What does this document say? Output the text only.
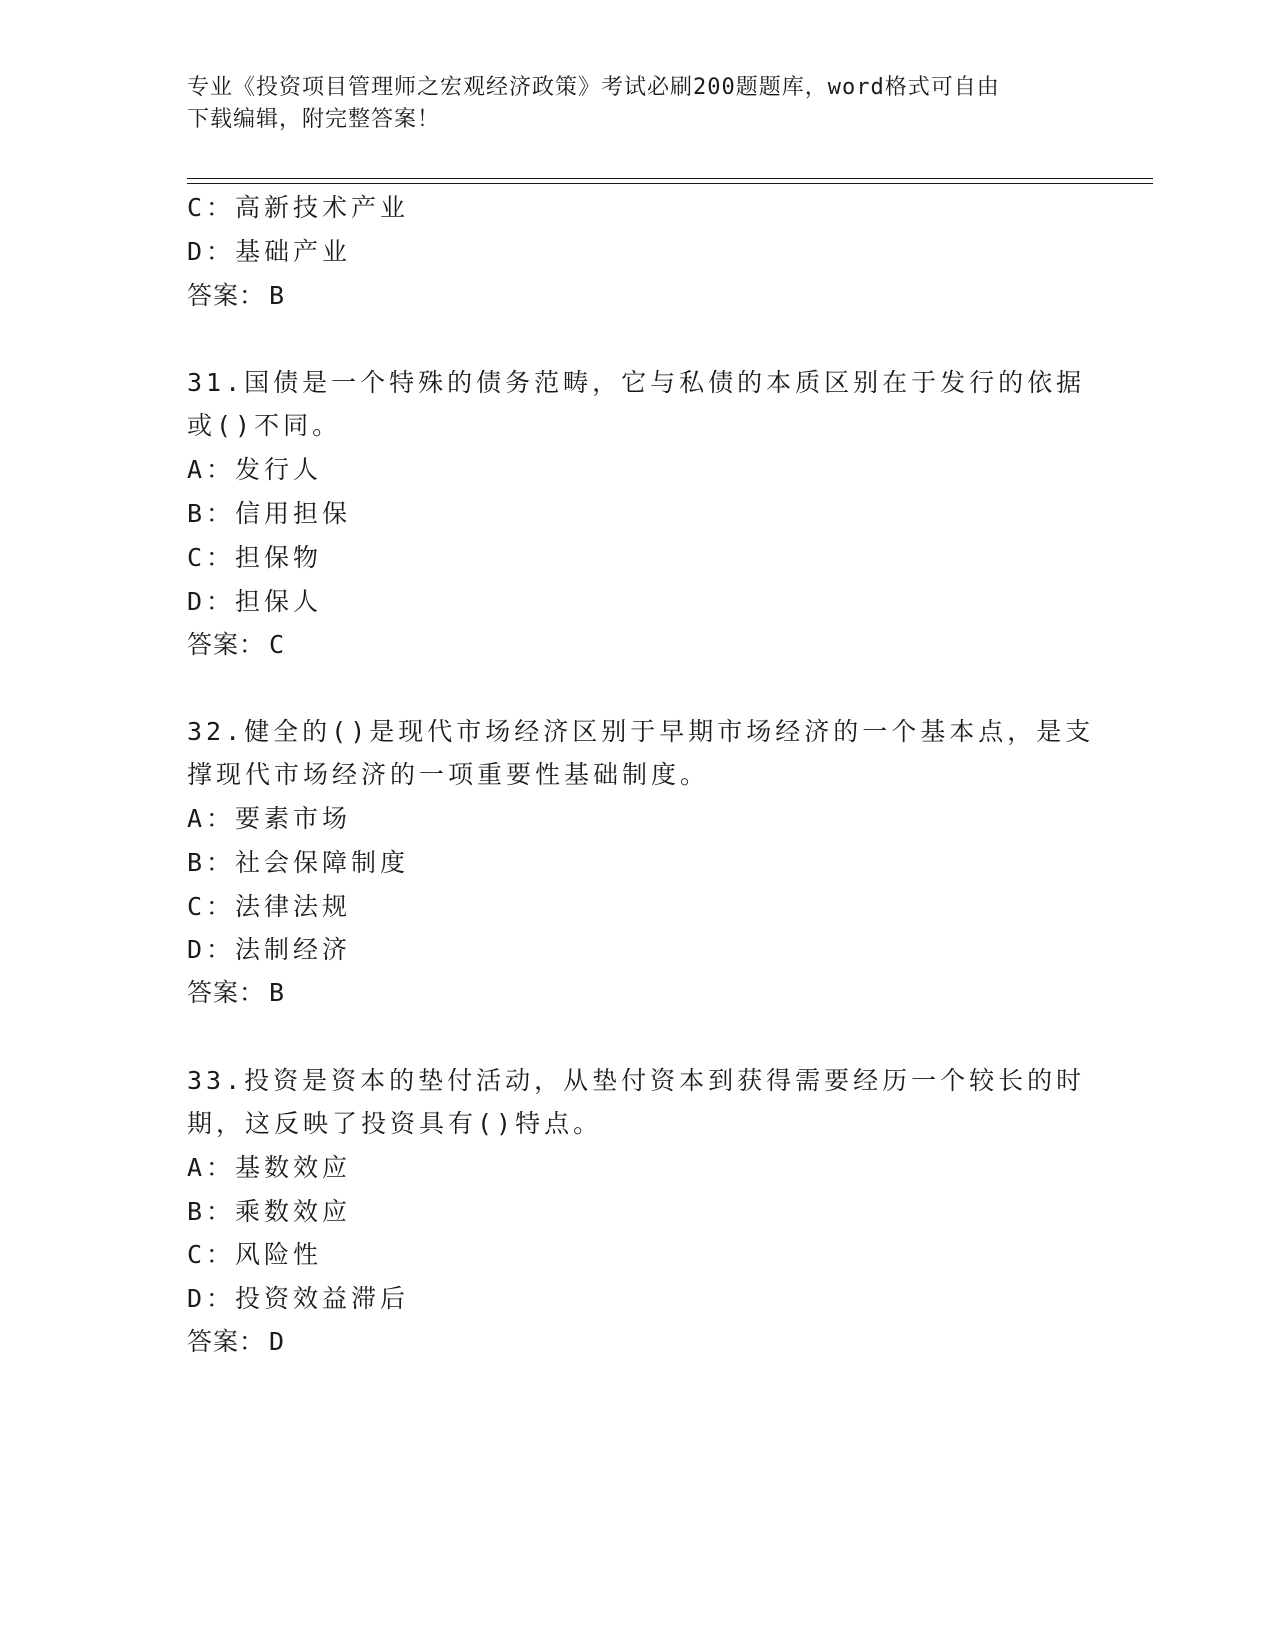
专业《投资项目管理师之宏观经济政策》考试必刷200题题库，word格式可自由
下载编辑，附完整答案！
C：高新技术产业
D：基础产业
答案： B
31.国债是一个特殊的债务范畴，它与私债的本质区别在于发行的依据
或()不同。
A：发行人
B：信用担保
C：担保物
D：担保人
答案： C
32.健全的()是现代市场经济区别于早期市场经济的一个基本点，是支
撑现代市场经济的一项重要性基础制度。
A：要素市场
B：社会保障制度
C：法律法规
D：法制经济
答案： B
33.投资是资本的垫付活动，从垫付资本到获得需要经历一个较长的时
期，这反映了投资具有()特点。
A：基数效应
B：乘数效应
C：风险性
D：投资效益滞后
答案： D
